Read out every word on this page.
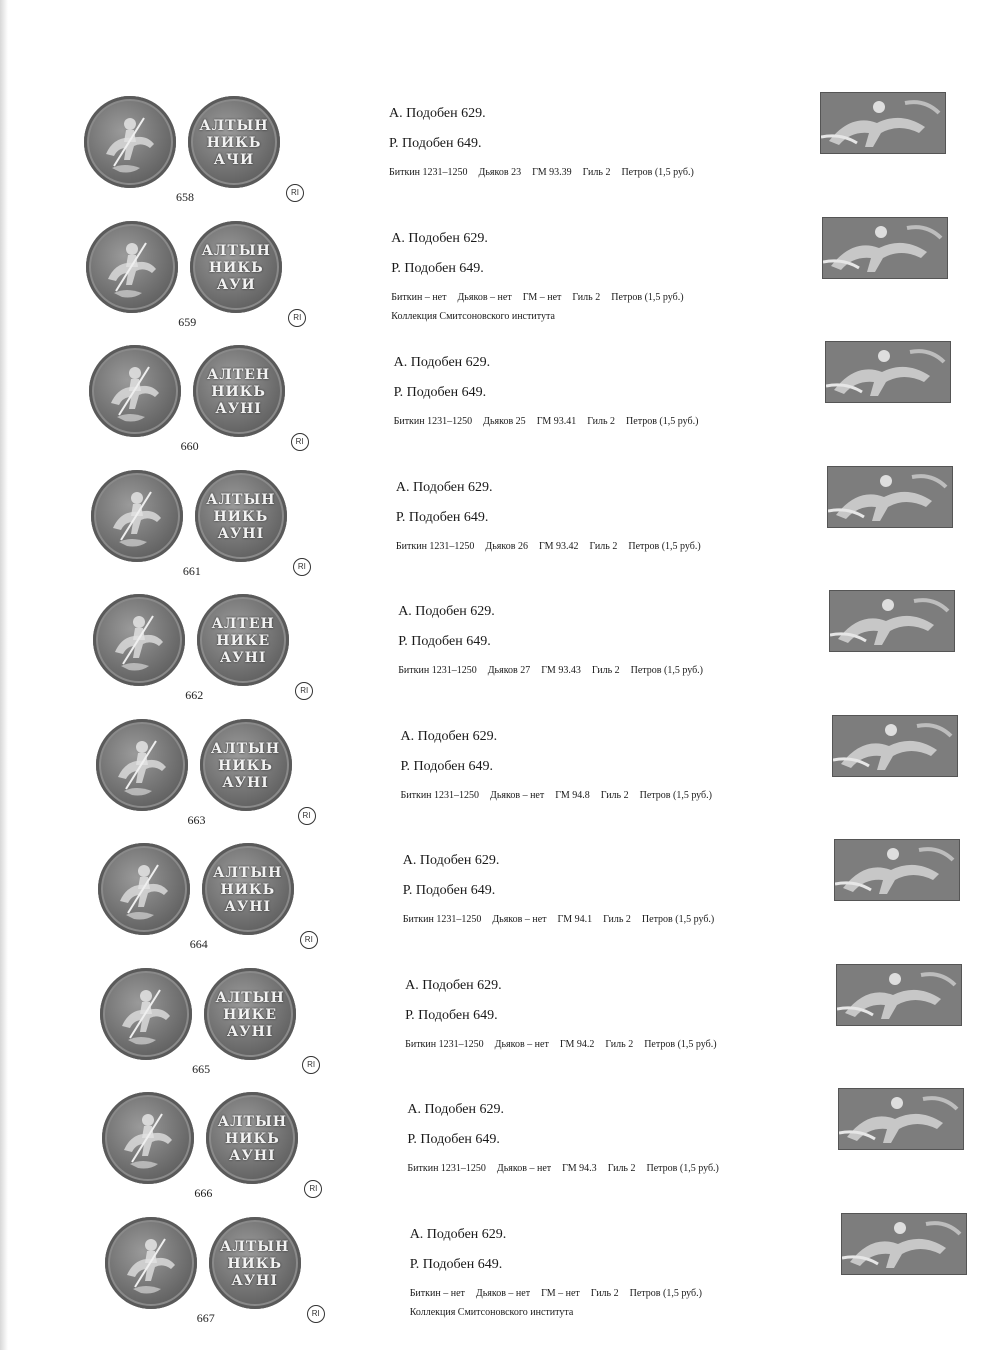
АЛТЫН
НИКЬ
АЧИ
658	RI

А. Подобен 629.

Р. Подобен 649.

Биткин 1231–1250 Дьяков 23 ГМ 93.39 Гиль 2 Петров (1,5 руб.)
АЛТЫН
НИКЬ
АУИ
659	RI

А. Подобен 629.

Р. Подобен 649.

Биткин – нет Дьяков – нет ГМ – нет Гиль 2 Петров (1,5 руб.)
Коллекция Смитсоновского института
АЛТЕН
НИКЬ
АУНI
660	RI

А. Подобен 629.

Р. Подобен 649.

Биткин 1231–1250 Дьяков 25 ГМ 93.41 Гиль 2 Петров (1,5 руб.)
АЛТЫН
НИКЬ
АУНI
661	RI

А. Подобен 629.

Р. Подобен 649.

Биткин 1231–1250 Дьяков 26 ГМ 93.42 Гиль 2 Петров (1,5 руб.)
АЛТЕН
НИКЕ
АУНI
662	RI

А. Подобен 629.

Р. Подобен 649.

Биткин 1231–1250 Дьяков 27 ГМ 93.43 Гиль 2 Петров (1,5 руб.)
АЛТЫН
НИКЬ
АУНI
663	RI

А. Подобен 629.

Р. Подобен 649.

Биткин 1231–1250 Дьяков – нет ГМ 94.8 Гиль 2 Петров (1,5 руб.)
АЛТЫН
НИКЬ
АУНI
664	RI

А. Подобен 629.

Р. Подобен 649.

Биткин 1231–1250 Дьяков – нет ГМ 94.1 Гиль 2 Петров (1,5 руб.)
АЛТЫН
НИКЕ
АУНI
665	RI

А. Подобен 629.

Р. Подобен 649.

Биткин 1231–1250 Дьяков – нет ГМ 94.2 Гиль 2 Петров (1,5 руб.)
АЛТЫН
НИКЬ
АУНI
666	RI

А. Подобен 629.

Р. Подобен 649.

Биткин 1231–1250 Дьяков – нет ГМ 94.3 Гиль 2 Петров (1,5 руб.)
АЛТЫН
НИКЬ
АУНI
667	RI

А. Подобен 629.

Р. Подобен 649.

Биткин – нет Дьяков – нет ГМ – нет Гиль 2 Петров (1,5 руб.)
Коллекция Смитсоновского института
